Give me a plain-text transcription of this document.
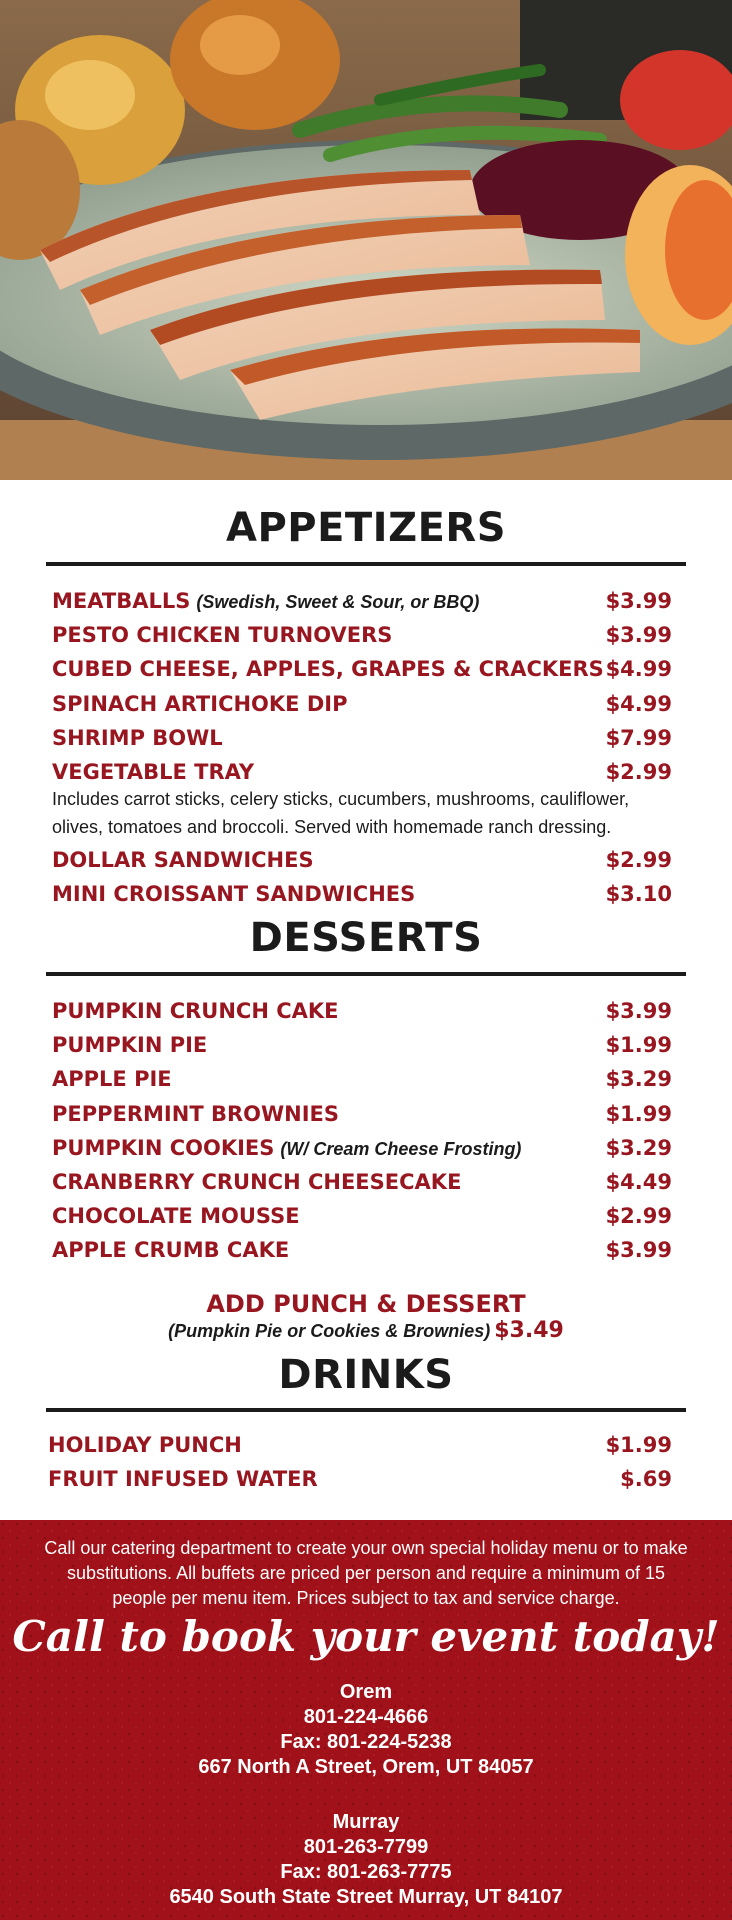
APPETIZERS
MEATBALLS (Swedish, Sweet & Sour, or BBQ)	$3.99
PESTO CHICKEN TURNOVERS	$3.99
CUBED CHEESE, APPLES, GRAPES & CRACKERS $4.99
SPINACH ARTICHOKE DIP	$4.99
SHRIMP BOWL	$7.99
VEGETABLE TRAY	$2.99
Includes carrot sticks, celery sticks, cucumbers, mushrooms, cauliflower, olives, tomatoes and broccoli. Served with homemade ranch dressing.
DOLLAR SANDWICHES	$2.99
MINI CROISSANT SANDWICHES	$3.10
DESSERTS
PUMPKIN CRUNCH CAKE	$3.99
PUMPKIN PIE	$1.99
APPLE PIE	$3.29
PEPPERMINT BROWNIES	$1.99
PUMPKIN COOKIES (W/ Cream Cheese Frosting)	$3.29
CRANBERRY CRUNCH CHEESECAKE	$4.49
CHOCOLATE MOUSSE	$2.99
APPLE CRUMB CAKE	$3.99
ADD PUNCH & DESSERT
(Pumpkin Pie or Cookies & Brownies) $3.49
DRINKS
HOLIDAY PUNCH	$1.99
FRUIT INFUSED WATER	$.69
Call our catering department to create your own special holiday menu or to make substitutions. All buffets are priced per person and require a minimum of 15 people per menu item. Prices subject to tax and service charge.
Call to book your event today!
Orem
801-224-4666
Fax: 801-224-5238
667 North A Street, Orem, UT 84057
Murray
801-263-7799
Fax: 801-263-7775
6540 South State Street Murray, UT 84107
